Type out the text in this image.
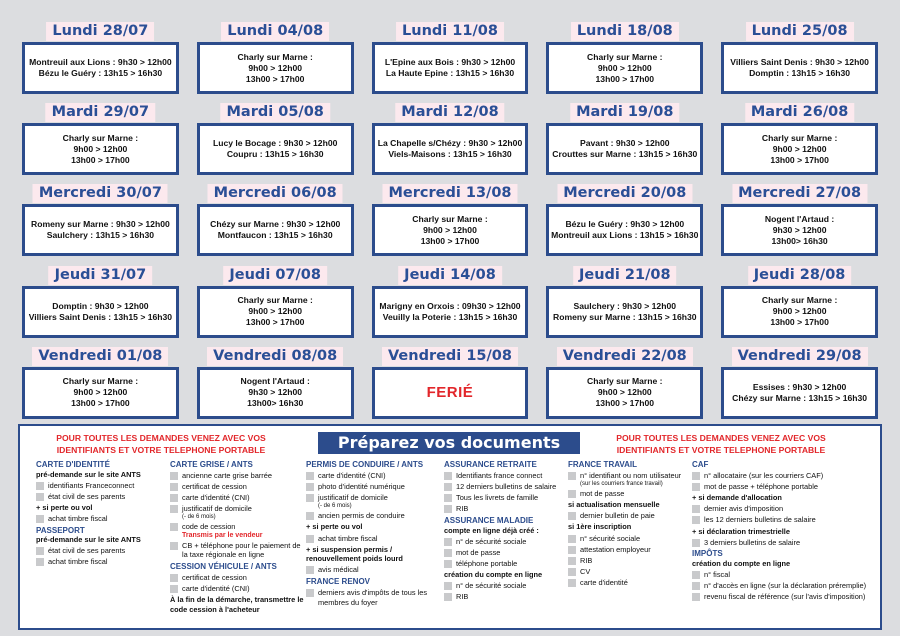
Lundi 28/07
Montreuil aux Lions : 9h30 > 12h00
Bézu le Guéry : 13h15 > 16h30
Lundi 04/08
Charly sur Marne :
9h00 > 12h00
13h00 > 17h00
Lundi 11/08
L'Epine aux Bois : 9h30 > 12h00
La Haute Epine : 13h15 > 16h30
Lundi 18/08
Charly sur Marne :
9h00 > 12h00
13h00 > 17h00
Lundi 25/08
Villiers Saint Denis : 9h30 > 12h00
Domptin : 13h15 > 16h30
Mardi 29/07
Charly sur Marne :
9h00 > 12h00
13h00 > 17h00
Mardi 05/08
Lucy le Bocage : 9h30 > 12h00
Coupru : 13h15 > 16h30
Mardi 12/08
La Chapelle s/Chézy : 9h30 > 12h00
Viels-Maisons : 13h15 > 16h30
Mardi 19/08
Pavant : 9h30 > 12h00
Crouttes sur Marne : 13h15 > 16h30
Mardi 26/08
Charly sur Marne :
9h00 > 12h00
13h00 > 17h00
Mercredi 30/07
Romeny sur Marne : 9h30 > 12h00
Saulchery : 13h15 > 16h30
Mercredi 06/08
Chézy sur Marne : 9h30 > 12h00
Montfaucon : 13h15 > 16h30
Mercredi 13/08
Charly sur Marne :
9h00 > 12h00
13h00 > 17h00
Mercredi 20/08
Bézu le Guéry : 9h30 > 12h00
Montreuil aux Lions : 13h15 > 16h30
Mercredi 27/08
Nogent l'Artaud :
9h30 > 12h00
13h00> 16h30
Jeudi 31/07
Domptin : 9h30 > 12h00
Villiers Saint Denis : 13h15 > 16h30
Jeudi 07/08
Charly sur Marne :
9h00 > 12h00
13h00 > 17h00
Jeudi 14/08
Marigny en Orxois : 09h30 > 12h00
Veuilly la Poterie : 13h15 > 16h30
Jeudi 21/08
Saulchery : 9h30 > 12h00
Romeny sur Marne : 13h15 > 16h30
Jeudi 28/08
Charly sur Marne :
9h00 > 12h00
13h00 > 17h00
Vendredi 01/08
Charly sur Marne :
9h00 > 12h00
13h00 > 17h00
Vendredi 08/08
Nogent l'Artaud :
9h30 > 12h00
13h00> 16h30
Vendredi 15/08
FERIÉ
Vendredi 22/08
Charly sur Marne :
9h00 > 12h00
13h00 > 17h00
Vendredi 29/08
Essises : 9h30 > 12h00
Chézy sur Marne : 13h15 > 16h30
POUR TOUTES LES DEMANDES VENEZ AVEC VOS IDENTIFIANTS ET VOTRE TELEPHONE PORTABLE	Préparez vos documents	POUR TOUTES LES DEMANDES VENEZ AVEC VOS IDENTIFIANTS ET VOTRE TELEPHONE PORTABLE
CARTE D'IDENTITÉ
pré-demande sur le site ANTS
identifiants Franceconnect
état civil de ses parents
+ si perte ou vol
achat timbre fiscal
PASSEPORT
pré-demande sur le site ANTS
état civil de ses parents
achat timbre fiscal
CARTE GRISE / ANTS
ancienne carte grise barrée
certificat de cession
carte d'identité (CNI)
justificatif de domicile
(- de 6 mois)
code de cession
Transmis par le vendeur
CB + téléphone pour le paiement de la taxe régionale en ligne
CESSION VÉHICULE / ANTS
certificat de cession
carte d'identité (CNI)
À la fin de la démarche, transmettre le code cession à l'acheteur
PERMIS DE CONDUIRE / ANTS
carte d'identité (CNI)
photo d'identité numérique
justificatif de domicile
(- de 6 mois)
ancien permis de conduire
+ si perte ou vol
achat timbre fiscal
+ si suspension permis / renouvellement poids lourd
avis médical
FRANCE RENOV
derniers avis d'impôts de tous les membres du foyer
ASSURANCE RETRAITE
Identifiants france connect
12 derniers bulletins de salaire
Tous les livrets de famille
RIB
ASSURANCE MALADIE
compte en ligne déjà créé :
n° de sécurité sociale
mot de passe
téléphone portable
création du compte en ligne
n° de sécurité sociale
RIB
FRANCE TRAVAIL
n° identifiant ou nom utilisateur
(sur les courriers france travail)
mot de passe
si actualisation mensuelle
dernier bulletin de paie
si 1ère inscription
n° sécurité sociale
attestation employeur
RIB
CV
carte d'identité
CAF
n° allocataire (sur les courriers CAF)
mot de passe + téléphone portable
+ si demande d'allocation
dernier avis d'imposition
les 12 derniers bulletins de salaire
+ si déclaration trimestrielle
3 derniers bulletins de salaire
IMPÔTS
création du compte en ligne
n° fiscal
n° d'accès en ligne (sur la déclaration préremplie)
revenu fiscal de référence (sur l'avis d'imposition)
